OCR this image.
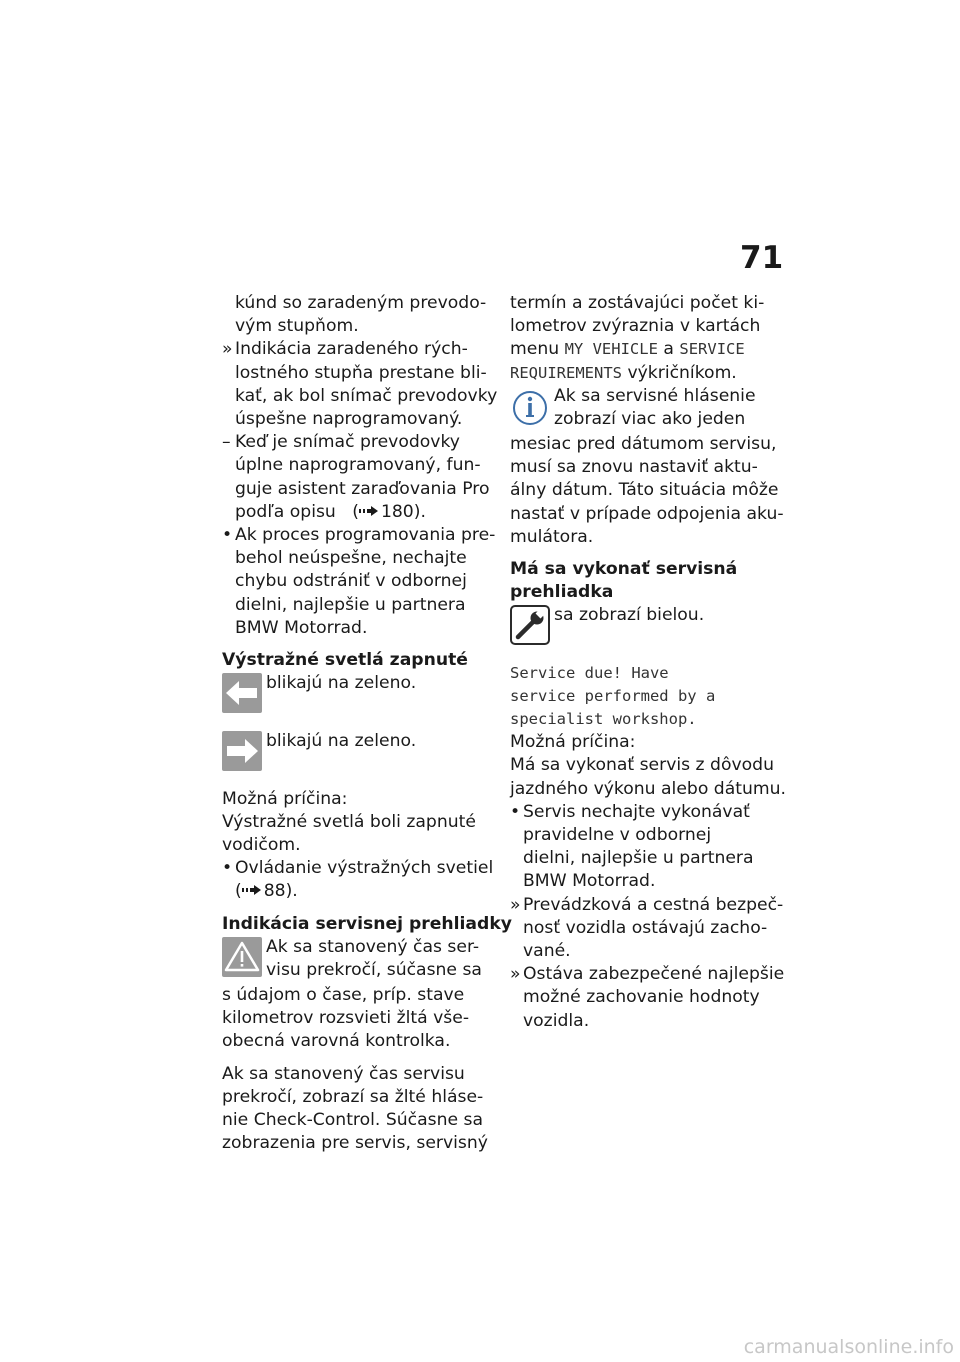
71
kúnd so zaradeným prevodo-
vým stupňom.
» Indikácia zaradeného rých-
lostného stupňa prestane bli-
kať, ak bol snímač prevodovky
úspešne naprogramovaný.
– Keď je snímač prevodovky
úplne naprogramovaný, fun-
guje asistent zaraďovania Pro
podľa opisu   ( 180).
• Ak proces programovania pre-
behol neúspešne, nechajte
chybu odstrániť v odbornej
dielni, najlepšie u partnera
BMW Motorrad.
Výstražné svetlá zapnuté
blikajú na zeleno.
blikajú na zeleno.
Možná príčina:
Výstražné svetlá boli zapnuté
vodičom.
• Ovládanie výstražných svetiel
( 88).
Indikácia servisnej prehliadky
Ak sa stanovený čas ser-
visu prekročí, súčasne sa
s údajom o čase, príp. stave
kilometrov rozsvieti žltá vše-
obecná varovná kontrolka.
Ak sa stanovený čas servisu
prekročí, zobrazí sa žlté hláse-
nie Check-Control. Súčasne sa
zobrazenia pre servis, servisný
termín a zostávajúci počet ki-
lometrov zvýraznia v kartách
menu MY VEHICLE a SERVICE
REQUIREMENTS výkričníkom.
Ak sa servisné hlásenie
zobrazí viac ako jeden
mesiac pred dátumom servisu,
musí sa znovu nastaviť aktu-
álny dátum. Táto situácia môže
nastať v prípade odpojenia aku-
mulátora.
Má sa vykonať servisná
prehliadka
sa zobrazí bielou.
Service due! Have
service performed by a
specialist workshop.
Možná príčina:
Má sa vykonať servis z dôvodu
jazdného výkonu alebo dátumu.
• Servis nechajte vykonávať
pravidelne v odbornej
dielni, najlepšie u partnera
BMW Motorrad.
» Prevádzková a cestná bezpeč-
nosť vozidla ostávajú zacho-
vané.
» Ostáva zabezpečené najlepšie
možné zachovanie hodnoty
vozidla.
carmanualsonline.info
